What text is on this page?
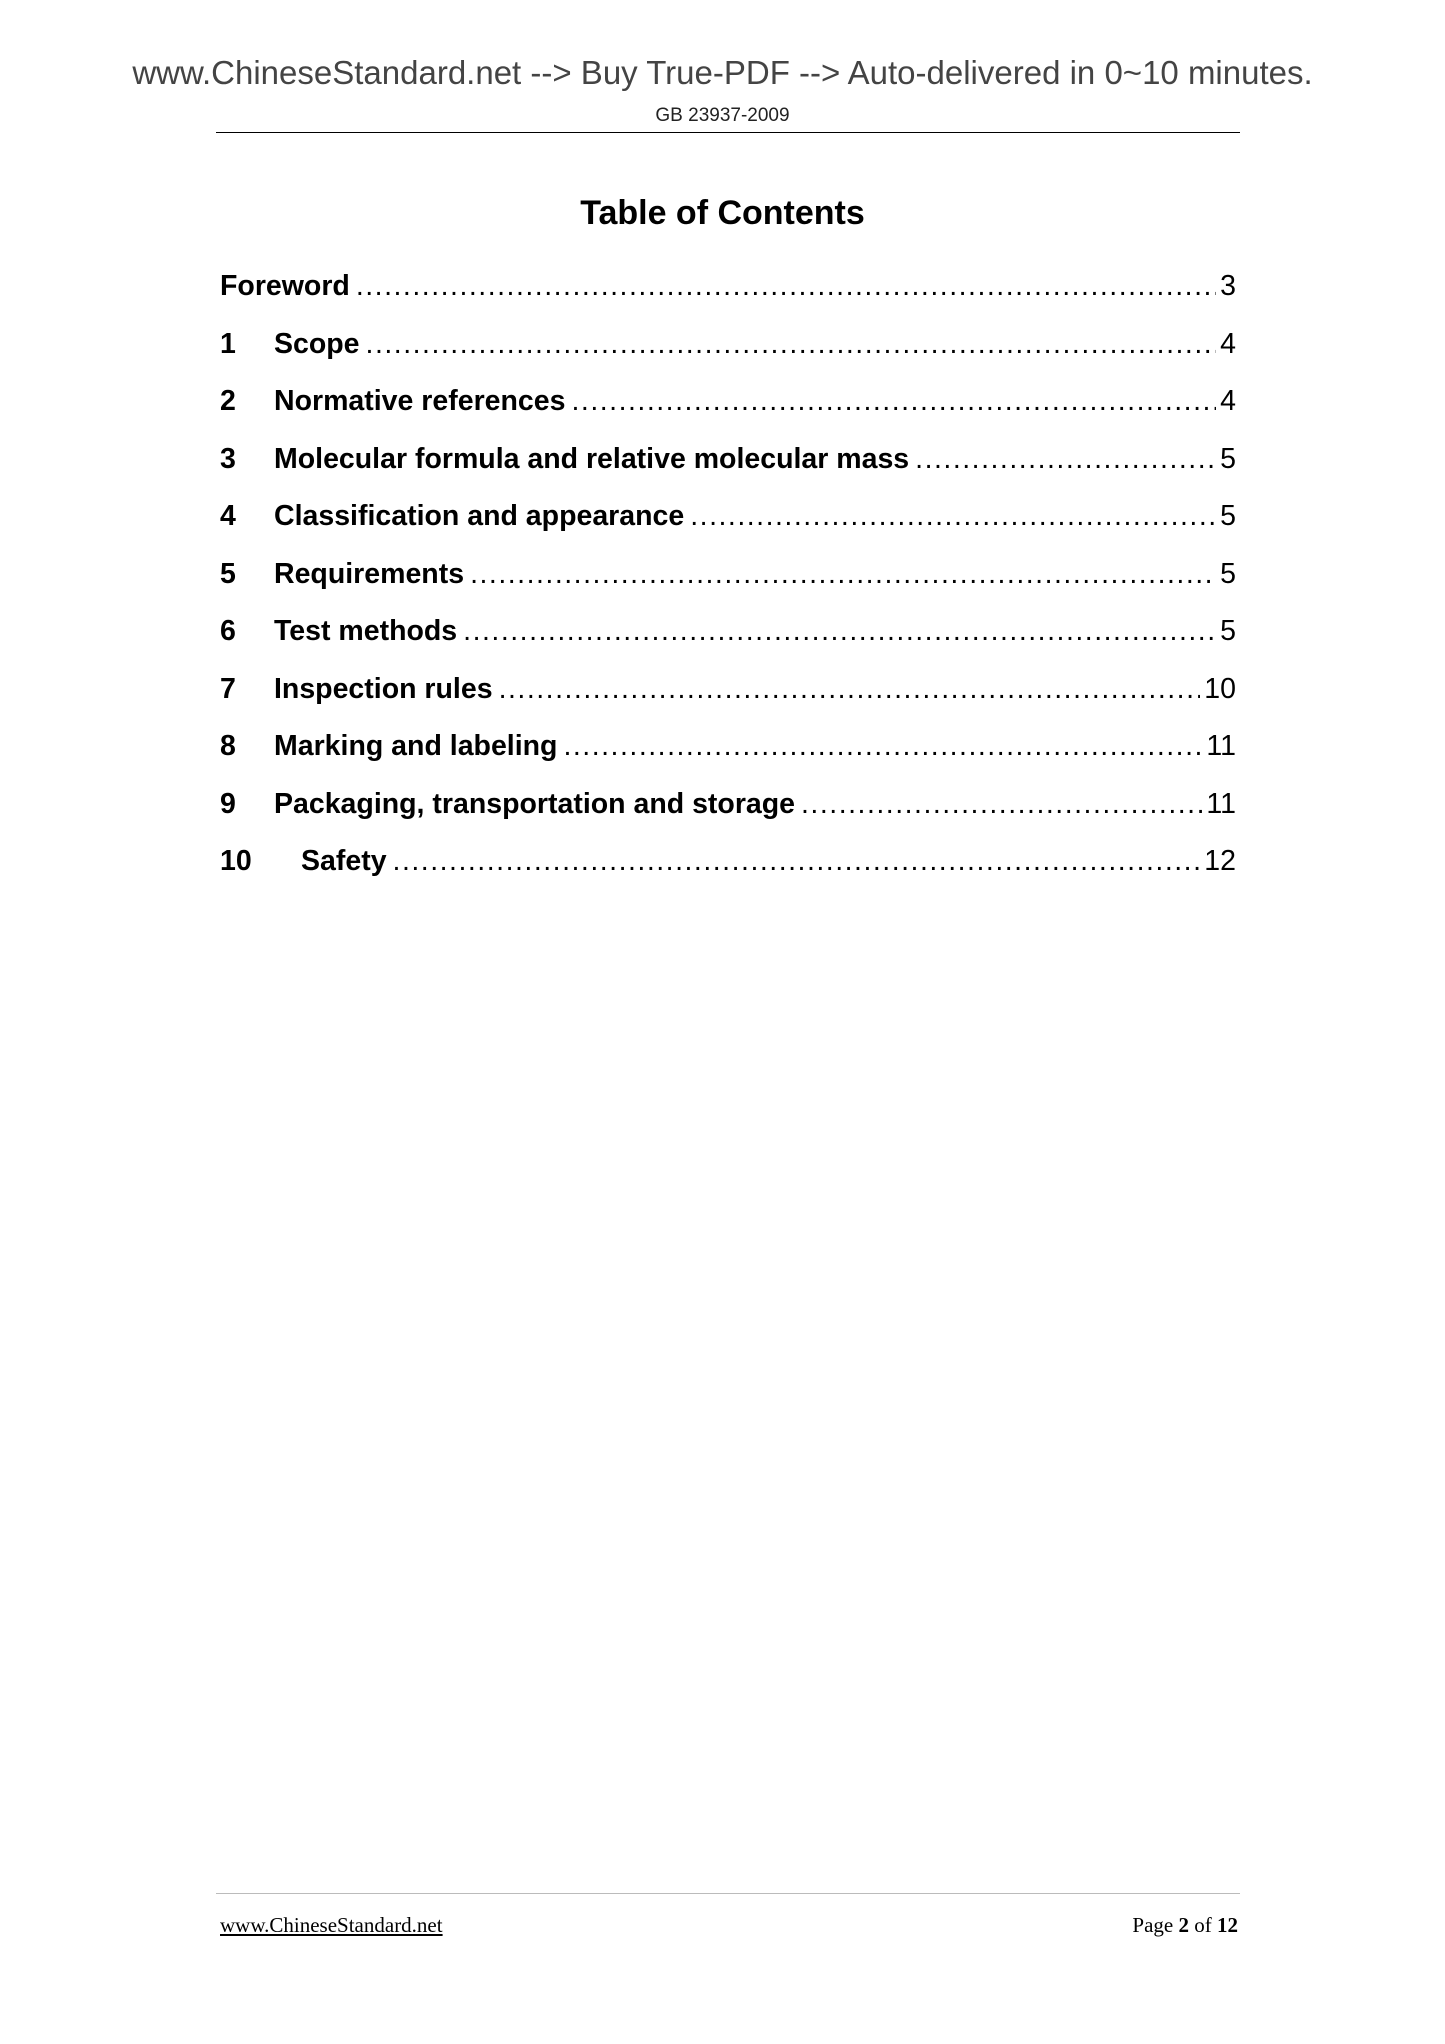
www.ChineseStandard.net --> Buy True-PDF --> Auto-delivered in 0~10 minutes.
GB 23937-2009
Table of Contents
Foreword .....	3
1	Scope .....	4
2	Normative references .....	4
3	Molecular formula and relative molecular mass .....	5
4	Classification and appearance .....	5
5	Requirements .....	5
6	Test methods .....	5
7	Inspection rules .....	10
8	Marking and labeling .....	11
9	Packaging, transportation and storage .....	11
10	Safety .....	12
www.ChineseStandard.net	Page 2 of 12
